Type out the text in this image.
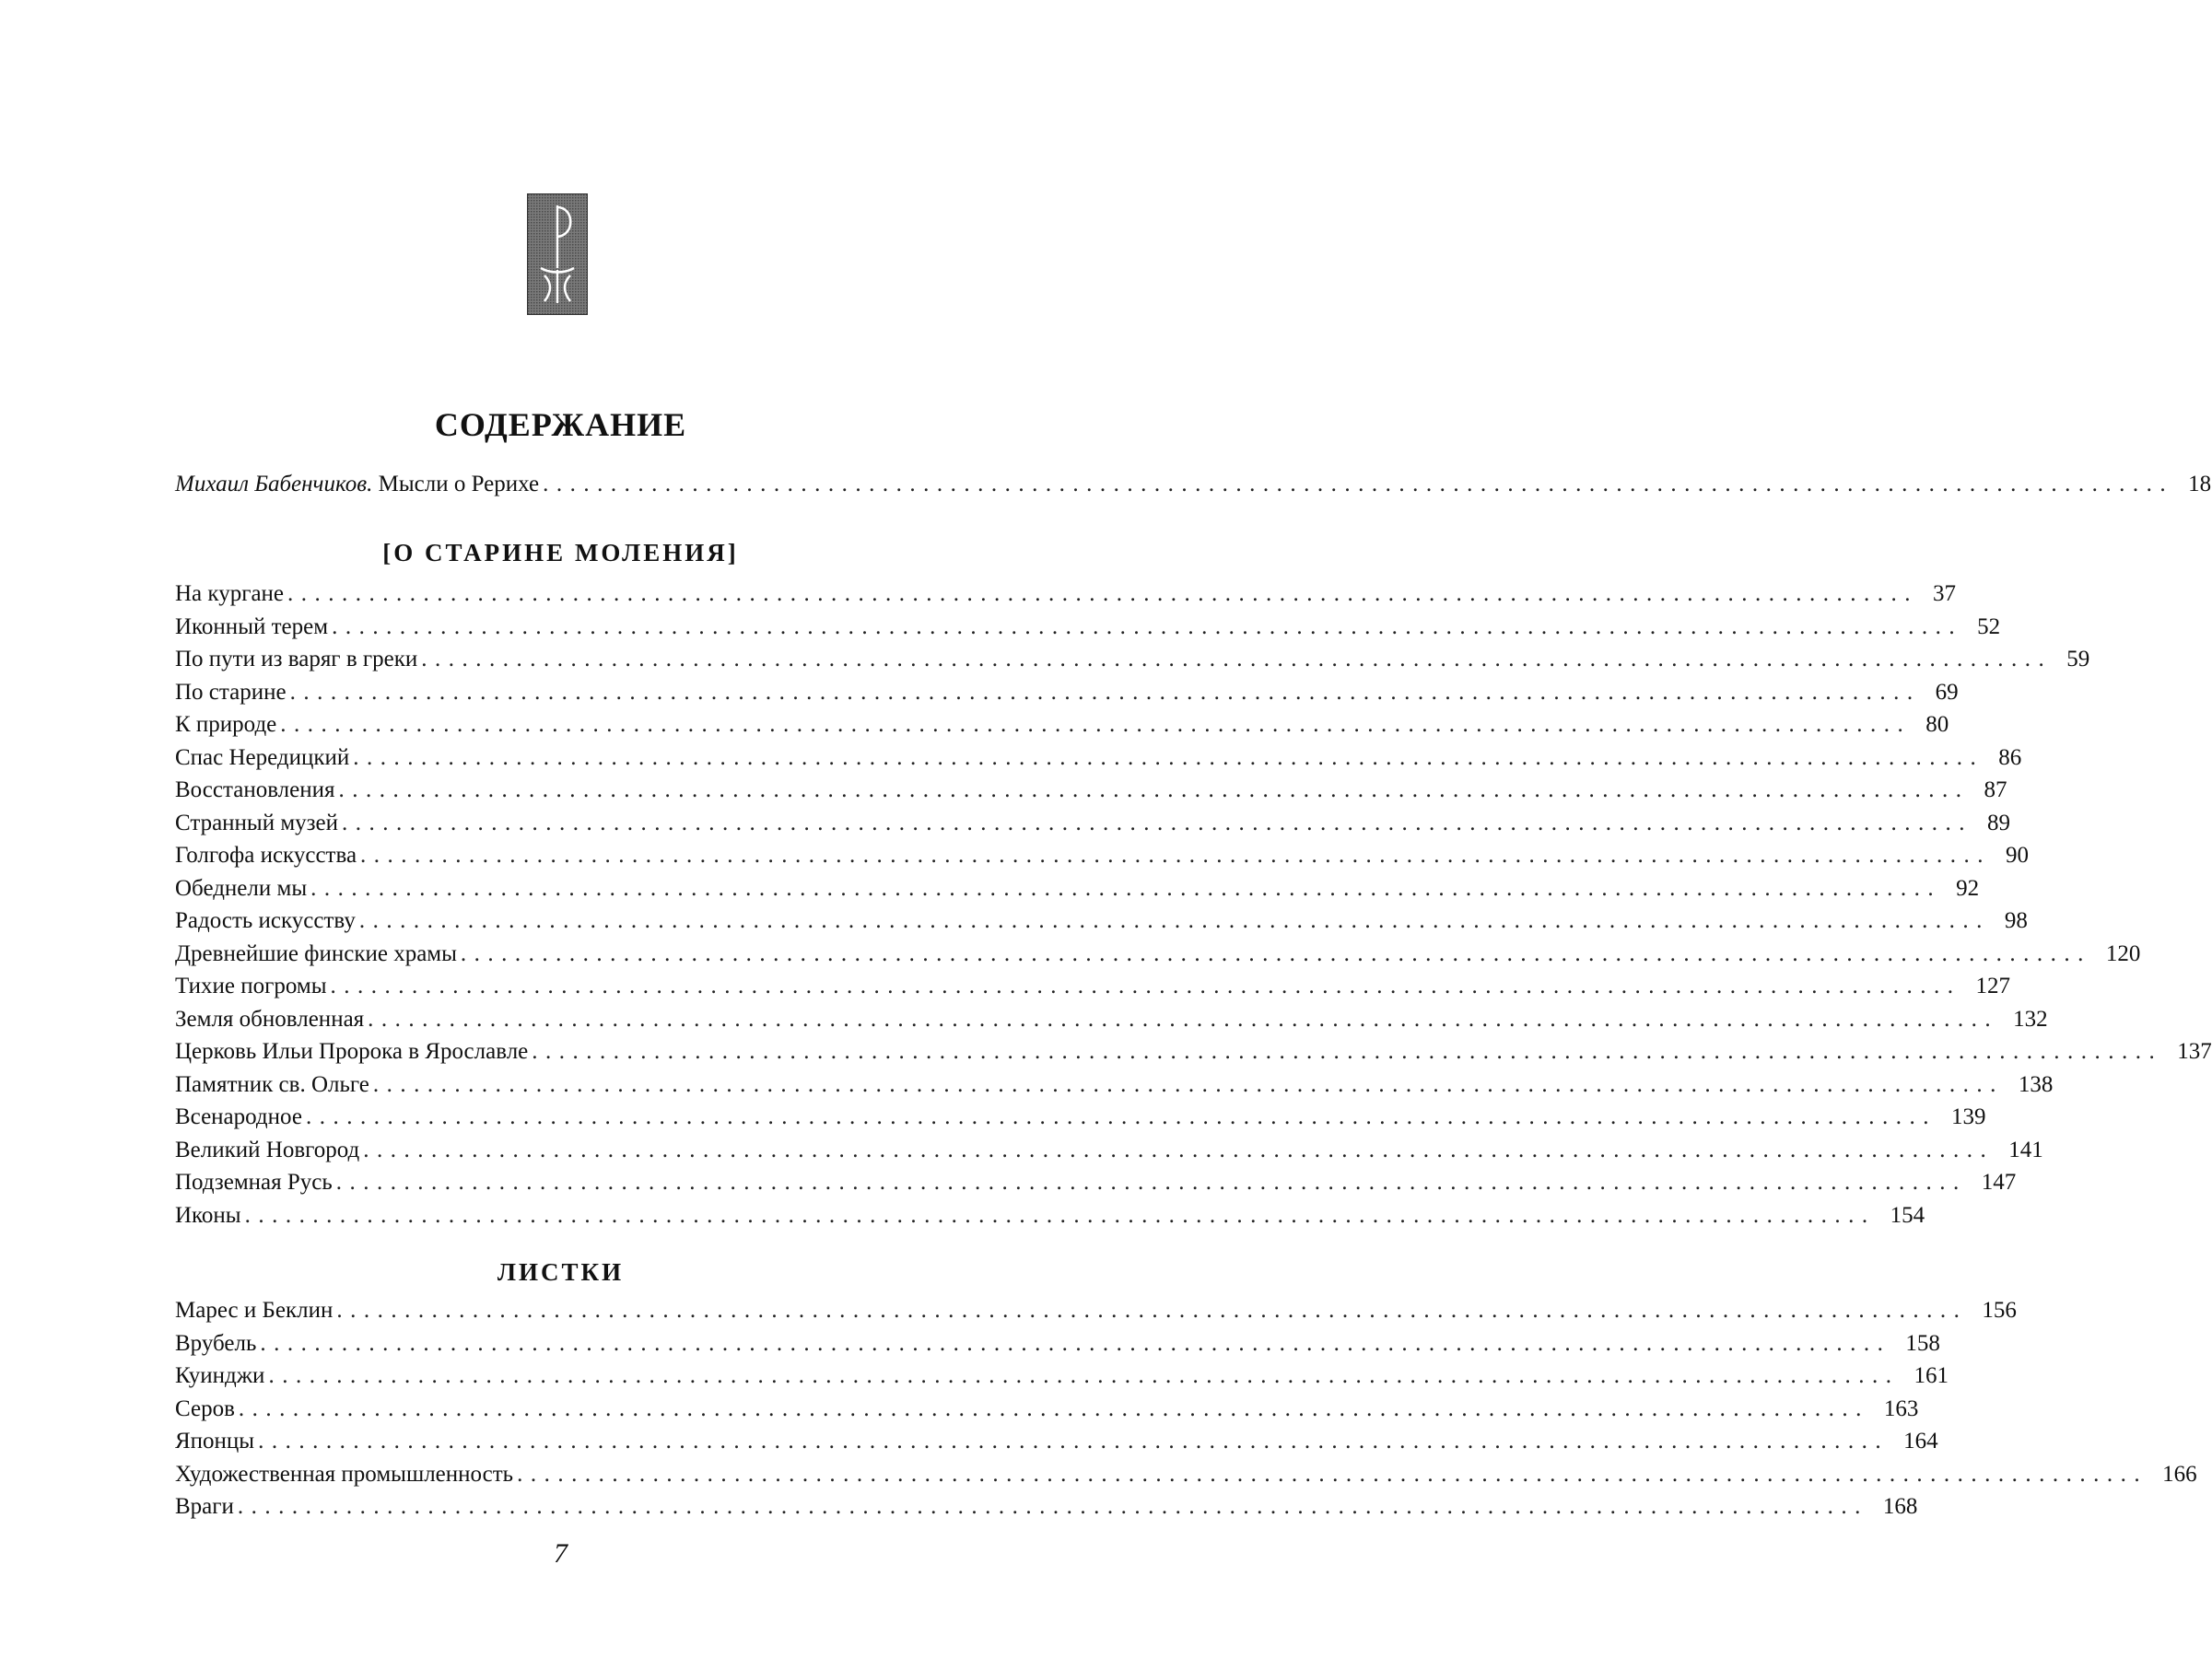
СОДЕРЖАНИЕ
Михаил Бабенчиков. Мысли о Рерихе ........................................................................................................................ 18
[О СТАРИНЕ МОЛЕНИЯ]
На кургане ........................................................................................................................ 37
Иконный терем ........................................................................................................................ 52
По пути из варяг в греки ........................................................................................................................ 59
По старине ........................................................................................................................ 69
К природе ........................................................................................................................ 80
Спас Нередицкий ........................................................................................................................ 86
Восстановления ........................................................................................................................ 87
Странный музей ........................................................................................................................ 89
Голгофа искусства ........................................................................................................................ 90
Обеднели мы ........................................................................................................................ 92
Радость искусству ........................................................................................................................ 98
Древнейшие финские храмы ........................................................................................................................ 120
Тихие погромы ........................................................................................................................ 127
Земля обновленная ........................................................................................................................ 132
Церковь Ильи Пророка в Ярославле ........................................................................................................................ 137
Памятник св. Ольге ........................................................................................................................ 138
Всенародное ........................................................................................................................ 139
Великий Новгород ........................................................................................................................ 141
Подземная Русь ........................................................................................................................ 147
Иконы ........................................................................................................................ 154
ЛИСТКИ
Марес и Беклин ........................................................................................................................ 156
Врубель ........................................................................................................................ 158
Куинджи ........................................................................................................................ 161
Серов ........................................................................................................................ 163
Японцы ........................................................................................................................ 164
Художественная промышленность ........................................................................................................................ 166
Враги ........................................................................................................................ 168
7
